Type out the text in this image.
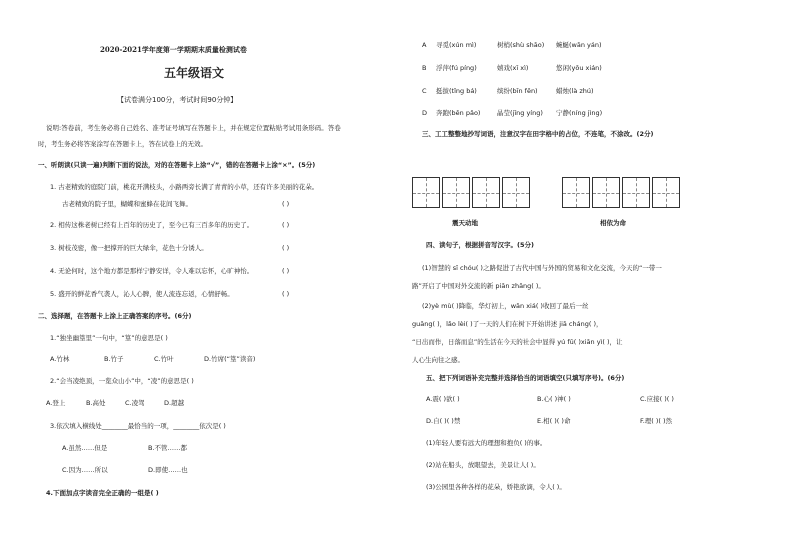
2020-2021学年度第一学期期末质量检测试卷
五年级语文
【试卷满分100分，考试时间90分钟】
说明:答卷前，考生务必将自己姓名、准考证号填写在答题卡上，并在规定位置粘贴考试用条形码。答卷
时，考生务必将答案涂写在答题卡上，答在试卷上的无效。
一、听朗读(只读一遍)判断下面的说法，对的在答题卡上涂“√”，错的在答题卡上涂“×”。(5分)
1. 古老精致的庭院门前，桃花开满枝头，小路两旁长满了青青的小草，还有许多美丽的花朵。
古老精致的院子里，蝴蝶和蜜蜂在花间飞舞。	( )
2. 相传这株老树已经有上百年的历史了，至今已有三百多年的历史了。	( )
3. 树枝茂密，像一把撑开的巨大绿伞，花色十分诱人。	( )
4. 无论何时，这个地方都是那样宁静安详，令人难以忘怀，心旷神怡。	( )
5. 盛开的鲜花香气袭人，沁人心脾，使人流连忘返，心情舒畅。	( )
二、选择题，在答题卡上涂上正确答案的序号。(6分)
1.“独坐幽篁里”一句中，“篁”的意思是( )
A.竹林	B.竹子	C.竹叶	D.竹席(“篁”读音)
2.“会当凌绝顶，一览众山小”中，“凌”的意思是( )
A.登上	B.高处	C.凌驾	D.超越
3.依次填入横线处________最恰当的一项，________依次是( )
A.虽然……但是	B.不管……都
C.因为……所以	D.即使……也
4.下面加点字读音完全正确的一组是( )
A 寻觅(xún mì)	树梢(shù shāo) 蜿蜒(wān yán)
B 浮萍(fú píng)	嬉戏(xī xì)	悠闲(yōu xián)
C 挺拔(tǐng bá)	缤纷(bīn fēn)	蜡烛(là zhú)
D 奔跑(bēn pǎo)	晶莹(jīng yíng) 宁静(níng jìng)
三、工工整整地抄写词语，注意汉字在田字格中的占位，不连笔，不涂改。(2分)
震天动地	相依为命
四、读句子，根据拼音写汉字。(5分)
(1)智慧的 sī chóu( )之路促进了古代中国与外国的贸易和文化交流，今天的“一带一
路”开启了中国对外交流的新 piān zhāng( )。
(2)yè mù( )降临，华灯初上，wān xiá( )收回了最后一丝
guāng( )，lǎo lèi( )了一天的人们在树下开始讲述 jiā cháng( )，
“日出而作，日落而息”的生活在今天的社会中显得 yú fū( )xiān yì( )，让
人心生向往之感。
五、把下列词语补充完整并选择恰当的词语填空(只填写序号)。(6分)
A.震( )欲( )	B.心( )神( )	C.应接( )( )
D.自( )( )禁	E.相( )( )命	F.理( )( )然
(1)年轻人要有远大的理想和抱负( )的事。
(2)站在船头，放眼望去，美景让人( )。
(3)公园里各种各样的花朵，娇艳欲滴，令人( )。
